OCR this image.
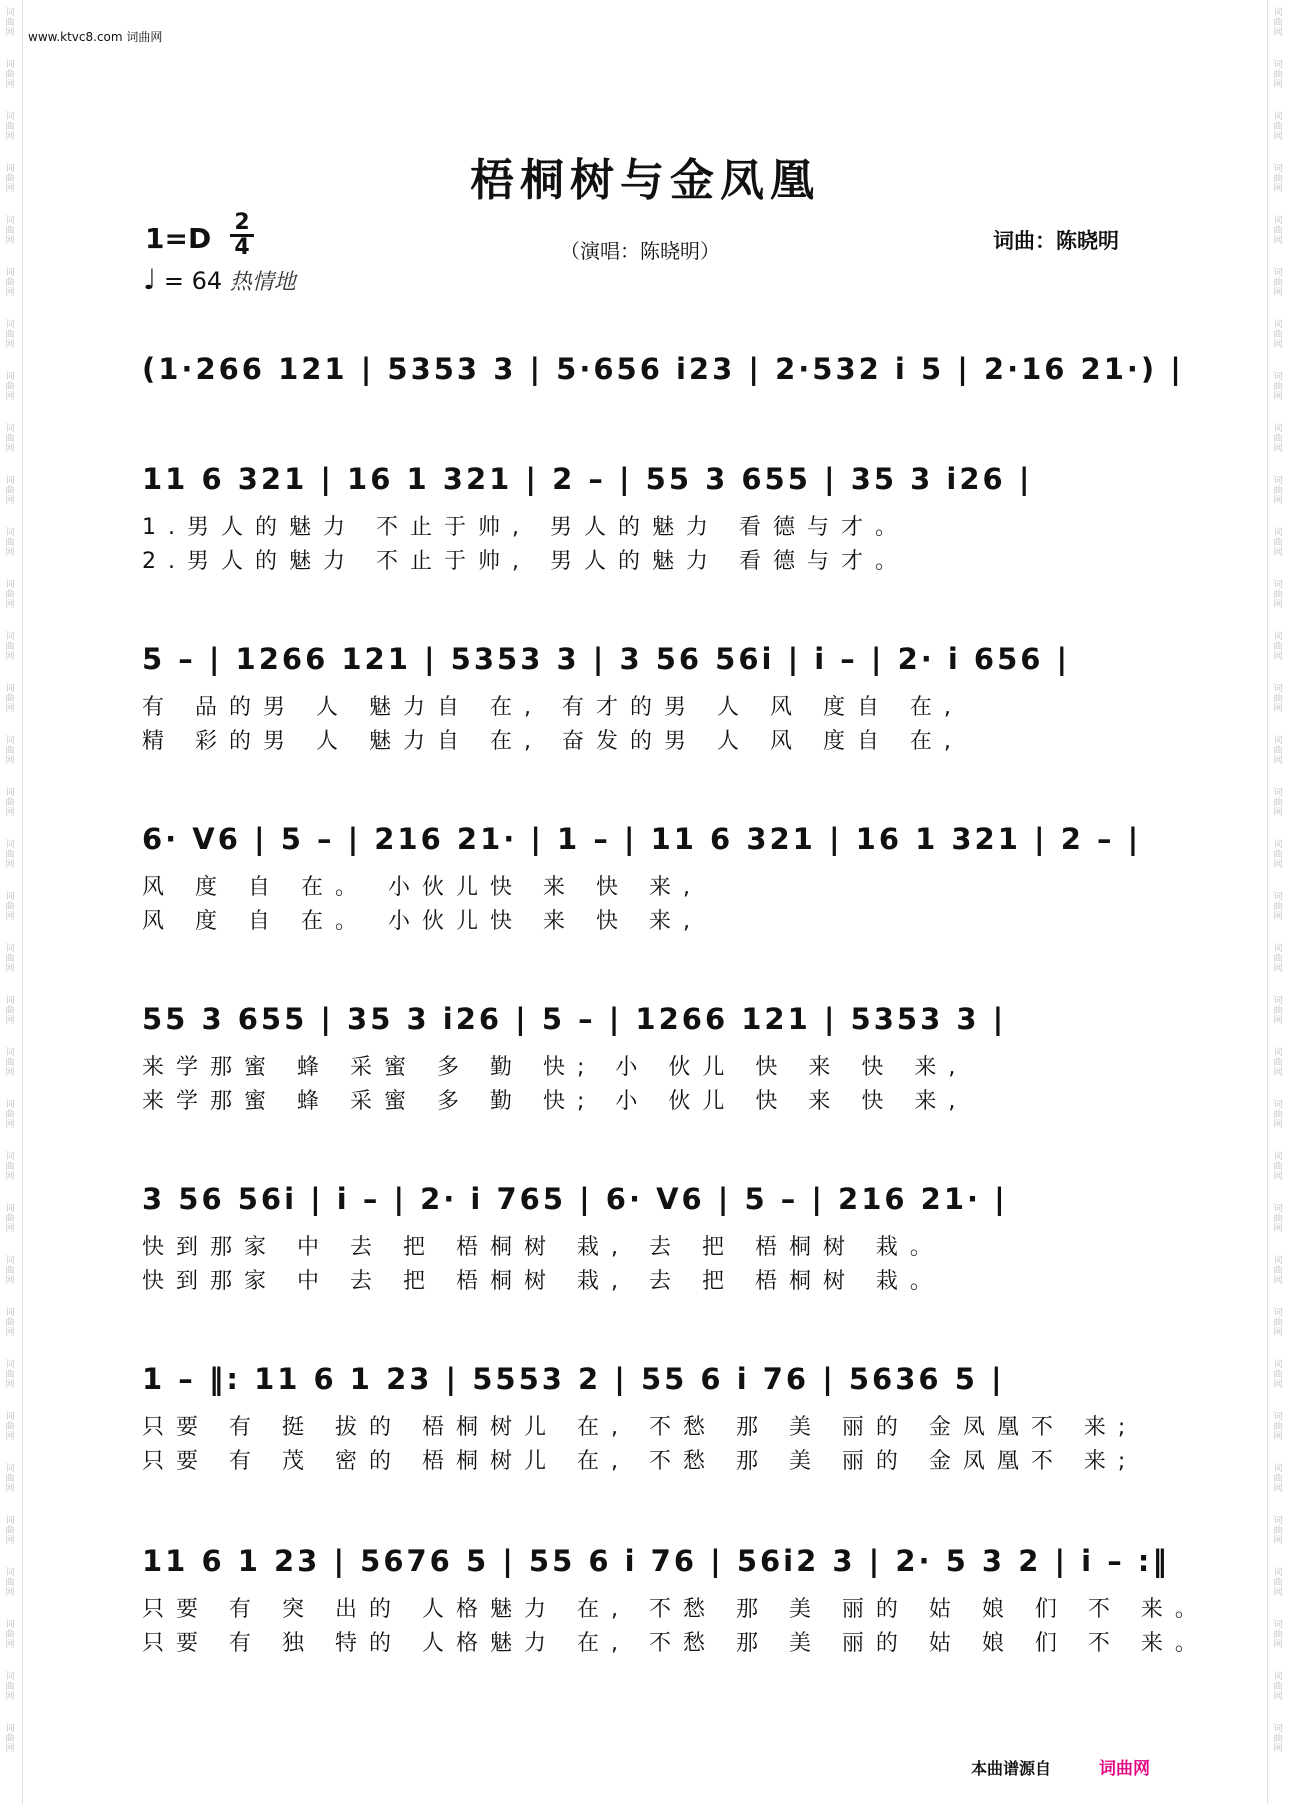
词曲网
词曲网
词曲网
词曲网
词曲网
词曲网
词曲网
词曲网
词曲网
词曲网
词曲网
词曲网
词曲网
词曲网
词曲网
词曲网
词曲网
词曲网
词曲网
词曲网
词曲网
词曲网
词曲网
词曲网
词曲网
词曲网
词曲网
词曲网
词曲网
词曲网
词曲网
词曲网
词曲网
词曲网
词曲网
词曲网
词曲网
词曲网
词曲网
词曲网
词曲网
词曲网
词曲网
词曲网
词曲网
词曲网
词曲网
词曲网
词曲网
词曲网
词曲网
词曲网
词曲网
词曲网
词曲网
词曲网
词曲网
词曲网
词曲网
词曲网
词曲网
词曲网
词曲网
词曲网
词曲网
词曲网
词曲网
词曲网
www.ktvc8.com 词曲网
梧桐树与金凤凰
1=D 2
4
♩ = 64 热情地
（演唱：陈晓明）	词曲：陈晓明
(1·266 121 | 5353 3 | 5·656 i23 | 2·532 i 5 | 2·16 21·) |
11 6 321 | 16 1 321 | 2 – | 55 3 655 | 35 3 i26 |
1.男人的魅力 不止于帅, 男人的魅力 看德与才。
2.男人的魅力 不止于帅, 男人的魅力 看德与才。
5 – | 1266 121 | 5353 3 | 3 56 56i | i – | 2· i 656 |
有 品的男 人 魅力自 在, 有才的男 人 风 度自 在,
精 彩的男 人 魅力自 在, 奋发的男 人 风 度自 在,
6· V6 | 5 – | 216 21· | 1 – | 11 6 321 | 16 1 321 | 2 – |
风 度 自 在。 小伙儿快 来 快 来,
风 度 自 在。 小伙儿快 来 快 来,
55 3 655 | 35 3 i26 | 5 – | 1266 121 | 5353 3 |
来学那蜜 蜂 采蜜 多 勤 快; 小 伙儿 快 来 快 来,
来学那蜜 蜂 采蜜 多 勤 快; 小 伙儿 快 来 快 来,
3 56 56i | i – | 2· i 765 | 6· V6 | 5 – | 216 21· |
快到那家 中 去 把 梧桐树 栽, 去 把 梧桐树 栽。
快到那家 中 去 把 梧桐树 栽, 去 把 梧桐树 栽。
1 – ‖: 11 6 1 23 | 5553 2 | 55 6 i 76 | 5636 5 |
只要 有 挺 拔的 梧桐树儿 在, 不愁 那 美 丽的 金凤凰不 来;
只要 有 茂 密的 梧桐树儿 在, 不愁 那 美 丽的 金凤凰不 来;
11 6 1 23 | 5676 5 | 55 6 i 76 | 56i2 3 | 2· 5 3 2 | i – :‖
只要 有 突 出的 人格魅力 在, 不愁 那 美 丽的 姑 娘 们 不 来。
只要 有 独 特的 人格魅力 在, 不愁 那 美 丽的 姑 娘 们 不 来。
本曲谱源自	词曲网
